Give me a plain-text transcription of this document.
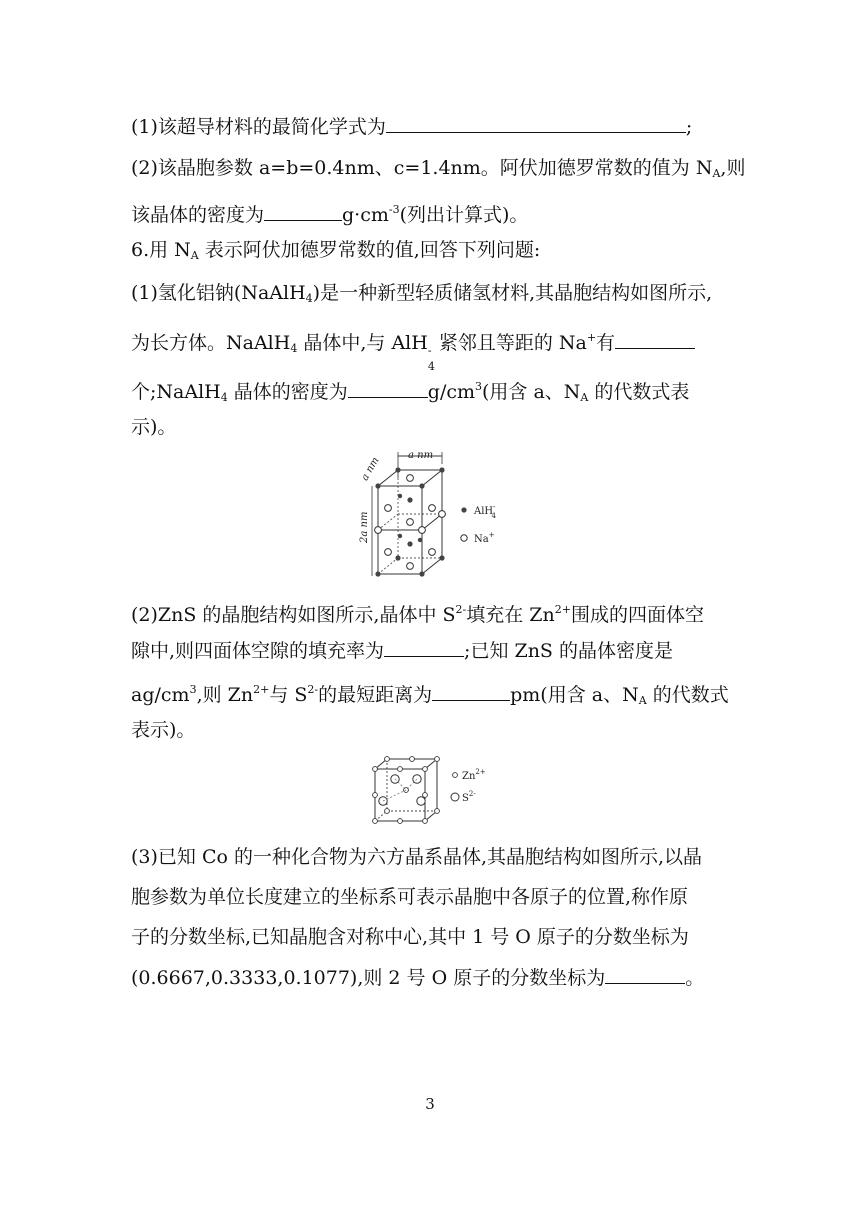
(1)该超导材料的最简化学式为	;
(2)该晶胞参数 a=b=0.4nm、c=1.4nm。阿伏加德罗常数的值为 $N_A$,则
该晶体的密度为	$g\cdot cm^{-3}$(列出计算式)。
6.用 $N_A$ 表示阿伏加德罗常数的值,回答下列问题:
(1)氢化铝钠(NaAlH$_4$)是一种新型轻质储氢材料,其晶胞结构如图所示,
为长方体。NaAlH$_4$ 晶体中,与 AlH -
4
紧邻且等距的 Na+有
个;NaAlH$_4$ 晶体的密度为	$g/cm^3$(用含 a、$N_A$ 的代数式表
示)。
a nm
a nm
2a nm
AlH-4
Na+
(2)ZnS 的晶胞结构如图所示,晶体中 $S^{2-}$填充在 $Zn^{2+}$围成的四面体空
隙中,则四面体空隙的填充率为	;已知 ZnS 的晶体密度是
$ag/cm^3$,则 $Zn^{2+}$与 $S^{2-}$的最短距离为	pm(用含 a、$N_A$ 的代数式
表示)。
$Zn^{2+}$
$S^{2-}$
(3)已知 Co 的一种化合物为六方晶系晶体,其晶胞结构如图所示,以晶
胞参数为单位长度建立的坐标系可表示晶胞中各原子的位置,称作原
子的分数坐标,已知晶胞含对称中心,其中 1 号 O 原子的分数坐标为
(0.6667,0.3333,0.1077),则 2 号 O 原子的分数坐标为	。
3
